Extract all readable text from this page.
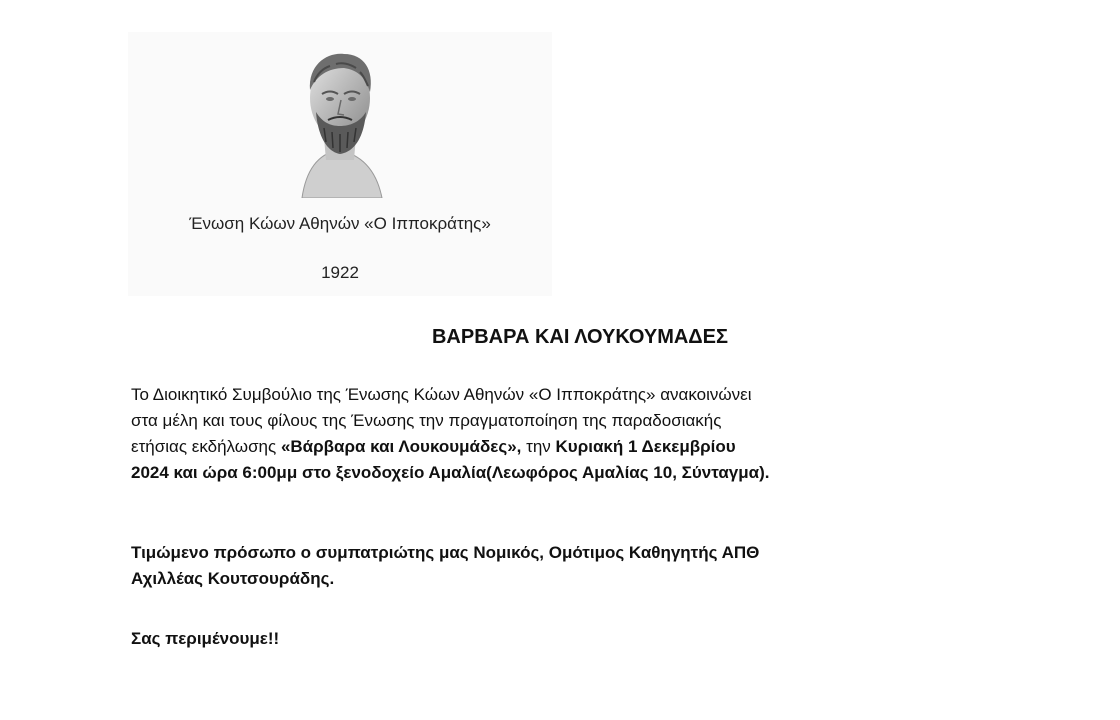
Ένωση Κώων Αθηνών «Ο Ιπποκράτης»
1922
ΒΑΡΒΑΡΑ ΚΑΙ ΛΟΥΚΟΥΜΑΔΕΣ
Το Διοικητικό Συμβούλιο της Ένωσης Κώων Αθηνών «Ο Ιπποκράτης» ανακοινώνει
στα μέλη και τους φίλους της Ένωσης την πραγματοποίηση της παραδοσιακής
ετήσιας εκδήλωσης «Βάρβαρα και Λουκουμάδες», την Κυριακή 1 Δεκεμβρίου
2024 και ώρα 6:00μμ στο ξενοδοχείο Αμαλία(Λεωφόρος Αμαλίας 10, Σύνταγμα).
Τιμώμενο πρόσωπο ο συμπατριώτης μας Νομικός, Ομότιμος Καθηγητής ΑΠΘ
Αχιλλέας Κουτσουράδης.
Σας περιμένουμε!!
